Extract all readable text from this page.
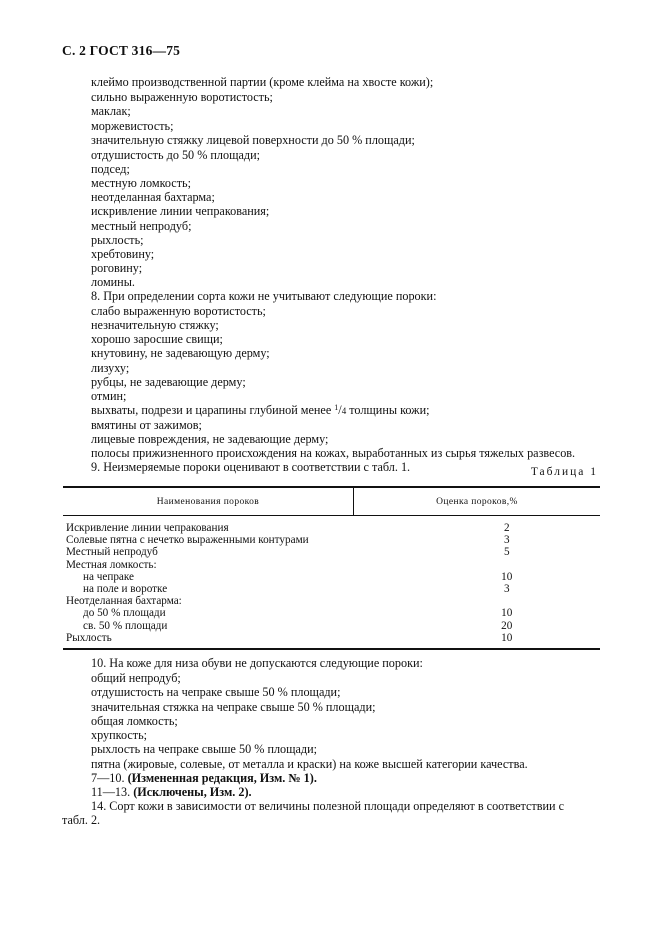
С. 2 ГОСТ 316—75
клеймо производственной партии (кроме клейма на хвосте кожи);
сильно выраженную воротистость;
маклак;
моржевистость;
значительную стяжку лицевой поверхности до 50 % площади;
отдушистость до 50 % площади;
подсед;
местную ломкость;
неотделанная бахтарма;
искривление линии чепракования;
местный непродуб;
рыхлость;
хребтовину;
роговину;
ломины.
8. При определении сорта кожи не учитывают следующие пороки:
слабо выраженную воротистость;
незначительную стяжку;
хорошо заросшие свищи;
кнутовину, не задевающую дерму;
лизуху;
рубцы, не задевающие дерму;
отмин;
выхваты, подрези и царапины глубиной менее $^1$/4 толщины кожи;
вмятины от зажимов;
лицевые повреждения, не задевающие дерму;
полосы прижизненного происхождения на кожах, выработанных из сырья тяжелых развесов.
9. Неизмеряемые пороки оценивают в соответствии с табл. 1.	Таблица 1
Наименования пороков	Оценка пороков,%
Искривление линии чепракования	2
Солевые пятна с нечетко выраженными контурами	3
Местный непродуб	5
Местная ломкость:	
на чепраке	10
на поле и воротке	3
Неотделанная бахтарма:	
до 50 % площади	10
св. 50 % площади	20
Рыхлость	10
10. На коже для низа обуви не допускаются следующие пороки:
общий непродуб;
отдушистость на чепраке свыше 50 % площади;
значительная стяжка на чепраке свыше 50 % площади;
общая ломкость;
хрупкость;
рыхлость на чепраке свыше 50 % площади;
пятна (жировые, солевые, от металла и краски) на коже высшей категории качества.
7—10. (Измененная редакция, Изм. № 1).
11—13. (Исключены, Изм. 2).
14. Сорт кожи в зависимости от величины полезной площади определяют в соответствии с
табл. 2.
